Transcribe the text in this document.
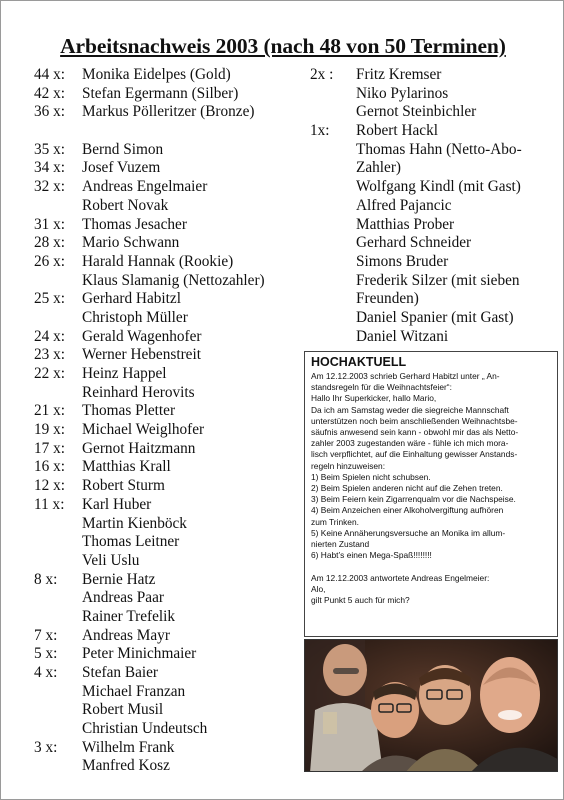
Arbeitsnachweis 2003 (nach 48 von 50 Terminen)
44 x: Monika Eidelpes (Gold)
42 x: Stefan Egermann (Silber)
36 x: Markus Pölleritzer (Bronze)
35 x: Bernd Simon
34 x: Josef Vuzem
32 x: Andreas Engelmaier
Robert Novak
31 x: Thomas Jesacher
28 x: Mario Schwann
26 x: Harald Hannak (Rookie)
Klaus Slamanig (Nettozahler)
25 x: Gerhard Habitzl
Christoph Müller
24 x: Gerald Wagenhofer
23 x: Werner Hebenstreit
22 x: Heinz Happel
Reinhard Herovits
21 x: Thomas Pletter
19 x: Michael Weiglhofer
17 x: Gernot Haitzmann
16 x: Matthias Krall
12 x: Robert Sturm
11 x: Karl Huber
Martin Kienböck
Thomas Leitner
Veli Uslu
8 x: Bernie Hatz
Andreas Paar
Rainer Trefelik
7 x: Andreas Mayr
5 x: Peter Minichmaier
4 x: Stefan Baier
Michael Franzan
Robert Musil
Christian Undeutsch
3 x: Wilhelm Frank
Manfred Kosz
2x : Fritz Kremser
Niko Pylarinos
Gernot Steinbichler
1x: Robert Hackl
Thomas Hahn (Netto-Abo-
Zahler)
Wolfgang Kindl (mit Gast)
Alfred Pajancic
Matthias Prober
Gerhard Schneider
Simons Bruder
Frederik Silzer (mit sieben
Freunden)
Daniel Spanier (mit Gast)
Daniel Witzani
HOCHAKTUELL
Am 12.12.2003 schrieb Gerhard Habitzl unter „ An-
standsregeln für die Weihnachtsfeier“:
Hallo Ihr Superkicker, hallo Mario,
Da ich am Samstag weder die siegreiche Mannschaft
unterstützen noch beim anschließenden Weihnachtsbe-
säufnis anwesend sein kann - obwohl mir das als Netto-
zahler 2003 zugestanden wäre - fühle ich mich mora-
lisch verpflichtet, auf die Einhaltung gewisser Anstands-
regeln hinzuweisen:
1) Beim Spielen nicht schubsen.
2) Beim Spielen anderen nicht auf die Zehen treten.
3) Beim Feiern kein Zigarrenqualm vor die Nachspeise.
4) Beim Anzeichen einer Alkoholvergiftung aufhören
zum Trinken.
5) Keine Annäherungsversuche an Monika im allum-
nierten Zustand
6) Habt’s einen Mega-Spaß!!!!!!!!
Am 12.12.2003 antwortete Andreas Engelmeier:
Alo,
gilt Punkt 5 auch für mich?
